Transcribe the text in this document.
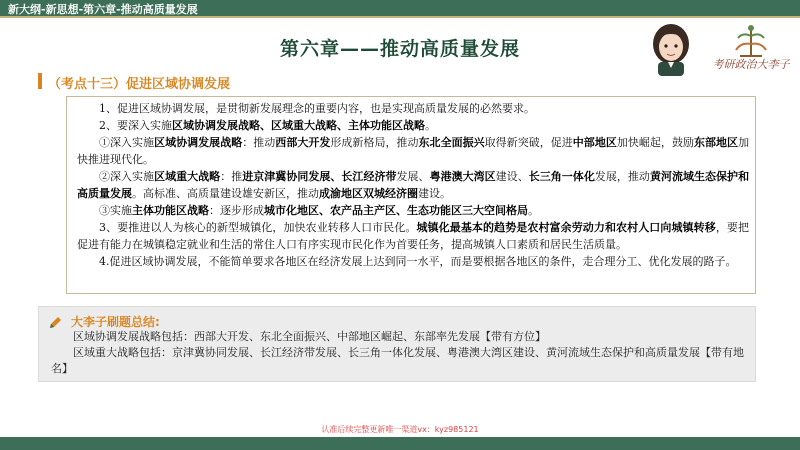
新大纲-新思想-第六章-推动高质量发展
第六章——推动高质量发展
考研政治大李子
（考点十三）促进区域协调发展

1、促进区域协调发展，是贯彻新发展理念的重要内容，也是实现高质量发展的必然要求。

2、要深入实施区域协调发展战略、区域重大战略、主体功能区战略。

①深入实施区域协调发展战略：推动西部大开发形成新格局，推动东北全面振兴取得新突破，促进中部地区加快崛起，鼓励东部地区加快推进现代化。

②深入实施区域重大战略：推进京津冀协同发展、长江经济带发展、粤港澳大湾区建设、长三角一体化发展，推动黄河流域生态保护和高质量发展。高标准、高质量建设雄安新区，推动成渝地区双城经济圈建设。

③实施主体功能区战略：逐步形成城市化地区、农产品主产区、生态功能区三大空间格局。

3、要推进以人为核心的新型城镇化，加快农业转移人口市民化。城镇化最基本的趋势是农村富余劳动力和农村人口向城镇转移，要把促进有能力在城镇稳定就业和生活的常住人口有序实现市民化作为首要任务，提高城镇人口素质和居民生活质量。

4.促进区域协调发展，不能简单要求各地区在经济发展上达到同一水平，而是要根据各地区的条件，走合理分工、优化发展的路子。

大李子刷题总结:

区域协调发展战略包括：西部大开发、东北全面振兴、中部地区崛起、东部率先发展【带有方位】

区域重大战略包括：京津冀协同发展、长江经济带发展、长三角一体化发展、粤港澳大湾区建设、黄河流域生态保护和高质量发展【带有地名】

认准后续完整更新唯一渠道vx：kyz985121
